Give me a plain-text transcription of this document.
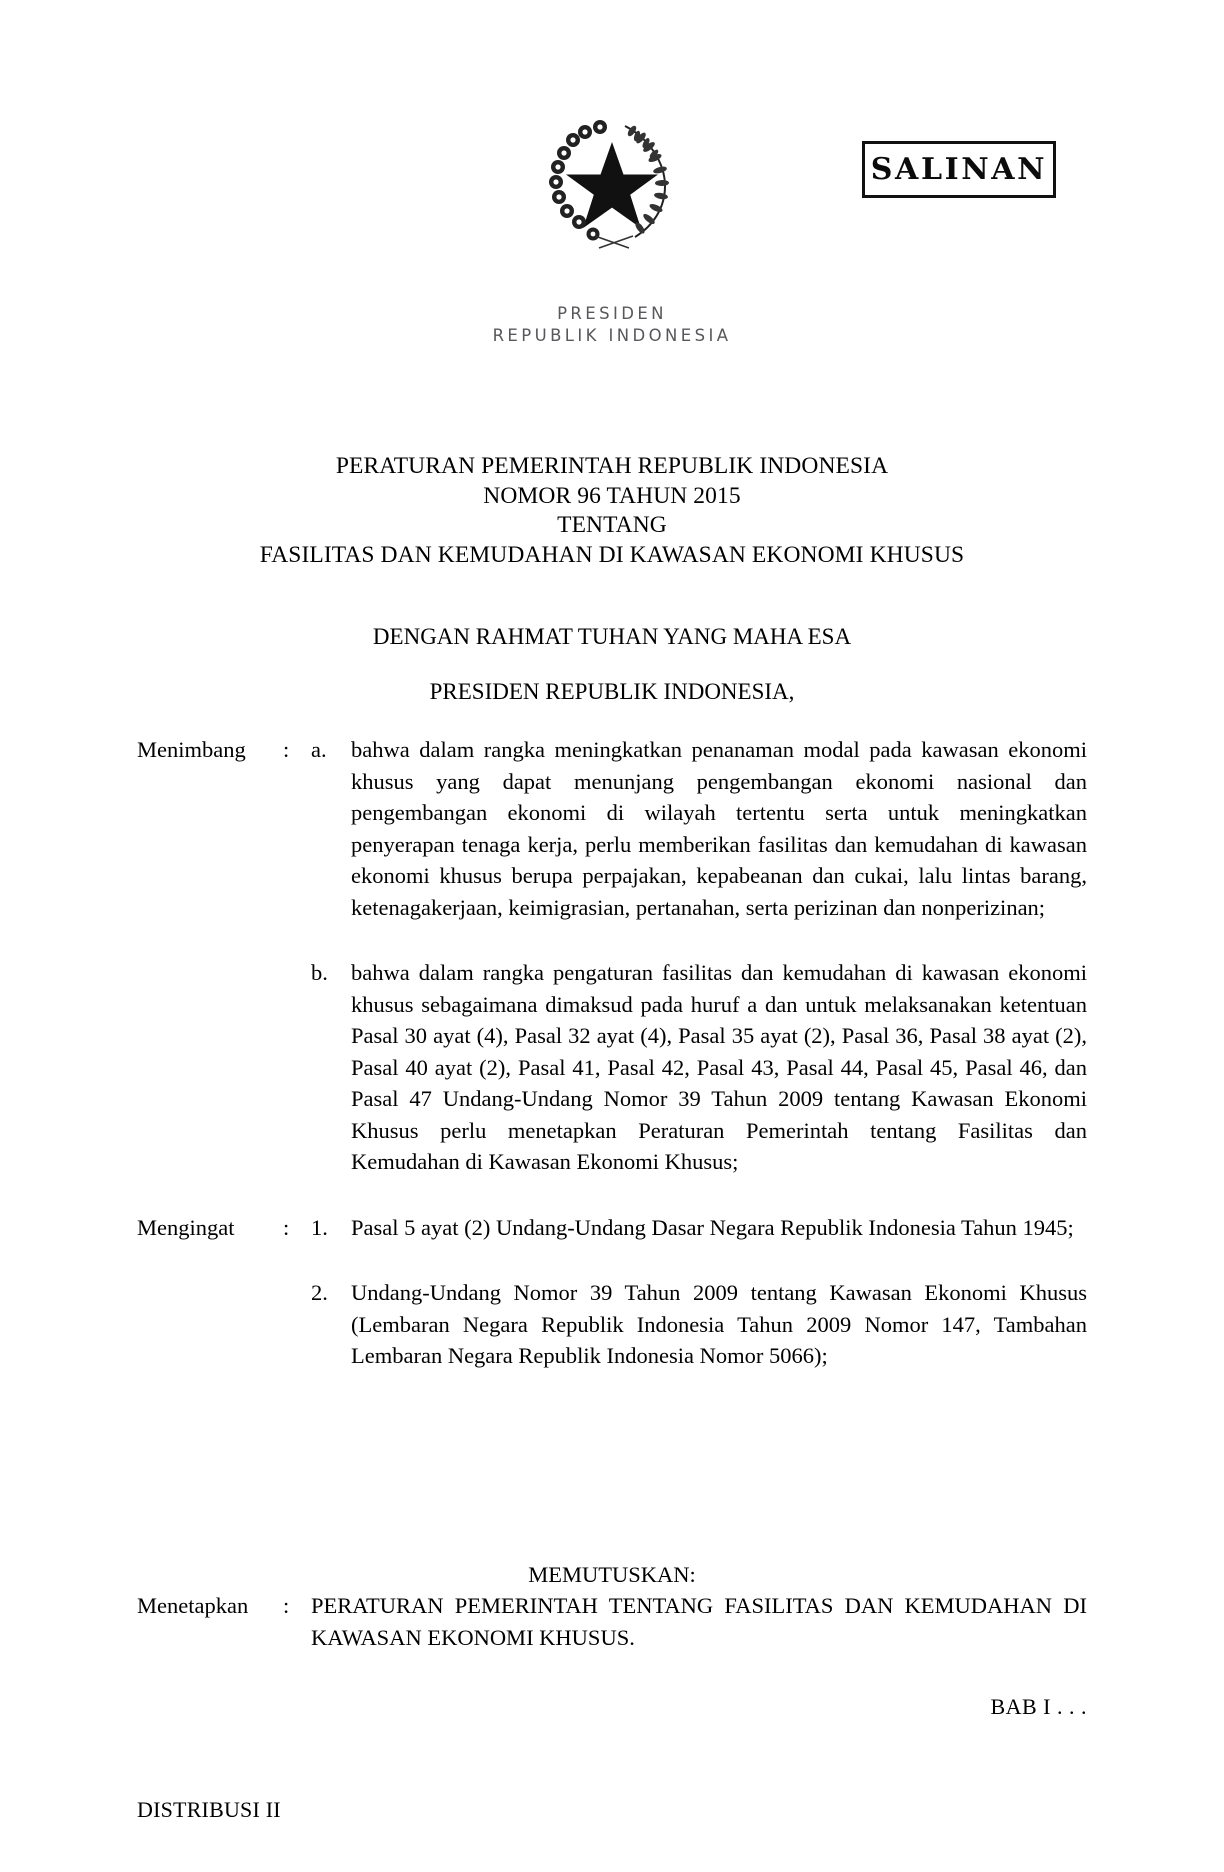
PRESIDEN
REPUBLIK INDONESIA
SALINAN
PERATURAN PEMERINTAH REPUBLIK INDONESIA
NOMOR 96 TAHUN 2015
TENTANG
FASILITAS DAN KEMUDAHAN DI KAWASAN EKONOMI KHUSUS
DENGAN RAHMAT TUHAN YANG MAHA ESA
PRESIDEN REPUBLIK INDONESIA,
Menimbang	: a.	bahwa dalam rangka meningkatkan penanaman modal pada kawasan ekonomi khusus yang dapat menunjang pengembangan ekonomi nasional dan pengembangan ekonomi di wilayah tertentu serta untuk meningkatkan penyerapan tenaga kerja, perlu memberikan fasilitas dan kemudahan di kawasan ekonomi khusus berupa perpajakan, kepabeanan dan cukai, lalu lintas barang, ketenagakerjaan, keimigrasian, pertanahan, serta perizinan dan nonperizinan;
b.	bahwa dalam rangka pengaturan fasilitas dan kemudahan di kawasan ekonomi khusus sebagaimana dimaksud pada huruf a dan untuk melaksanakan ketentuan Pasal 30 ayat (4), Pasal 32 ayat (4), Pasal 35 ayat (2), Pasal 36, Pasal 38 ayat (2), Pasal 40 ayat (2), Pasal 41, Pasal 42, Pasal 43, Pasal 44, Pasal 45, Pasal 46, dan Pasal 47 Undang-Undang Nomor 39 Tahun 2009 tentang Kawasan Ekonomi Khusus perlu menetapkan Peraturan Pemerintah tentang Fasilitas dan Kemudahan di Kawasan Ekonomi Khusus;
Mengingat	: 1.	Pasal 5 ayat (2) Undang-Undang Dasar Negara Republik Indonesia Tahun 1945;
2.	Undang-Undang Nomor 39 Tahun 2009 tentang Kawasan Ekonomi Khusus (Lembaran Negara Republik Indonesia Tahun 2009 Nomor 147, Tambahan Lembaran Negara Republik Indonesia Nomor 5066);
MEMUTUSKAN:
Menetapkan	: PERATURAN PEMERINTAH TENTANG FASILITAS DAN KEMUDAHAN DI KAWASAN EKONOMI KHUSUS.
BAB I . . .
DISTRIBUSI II
